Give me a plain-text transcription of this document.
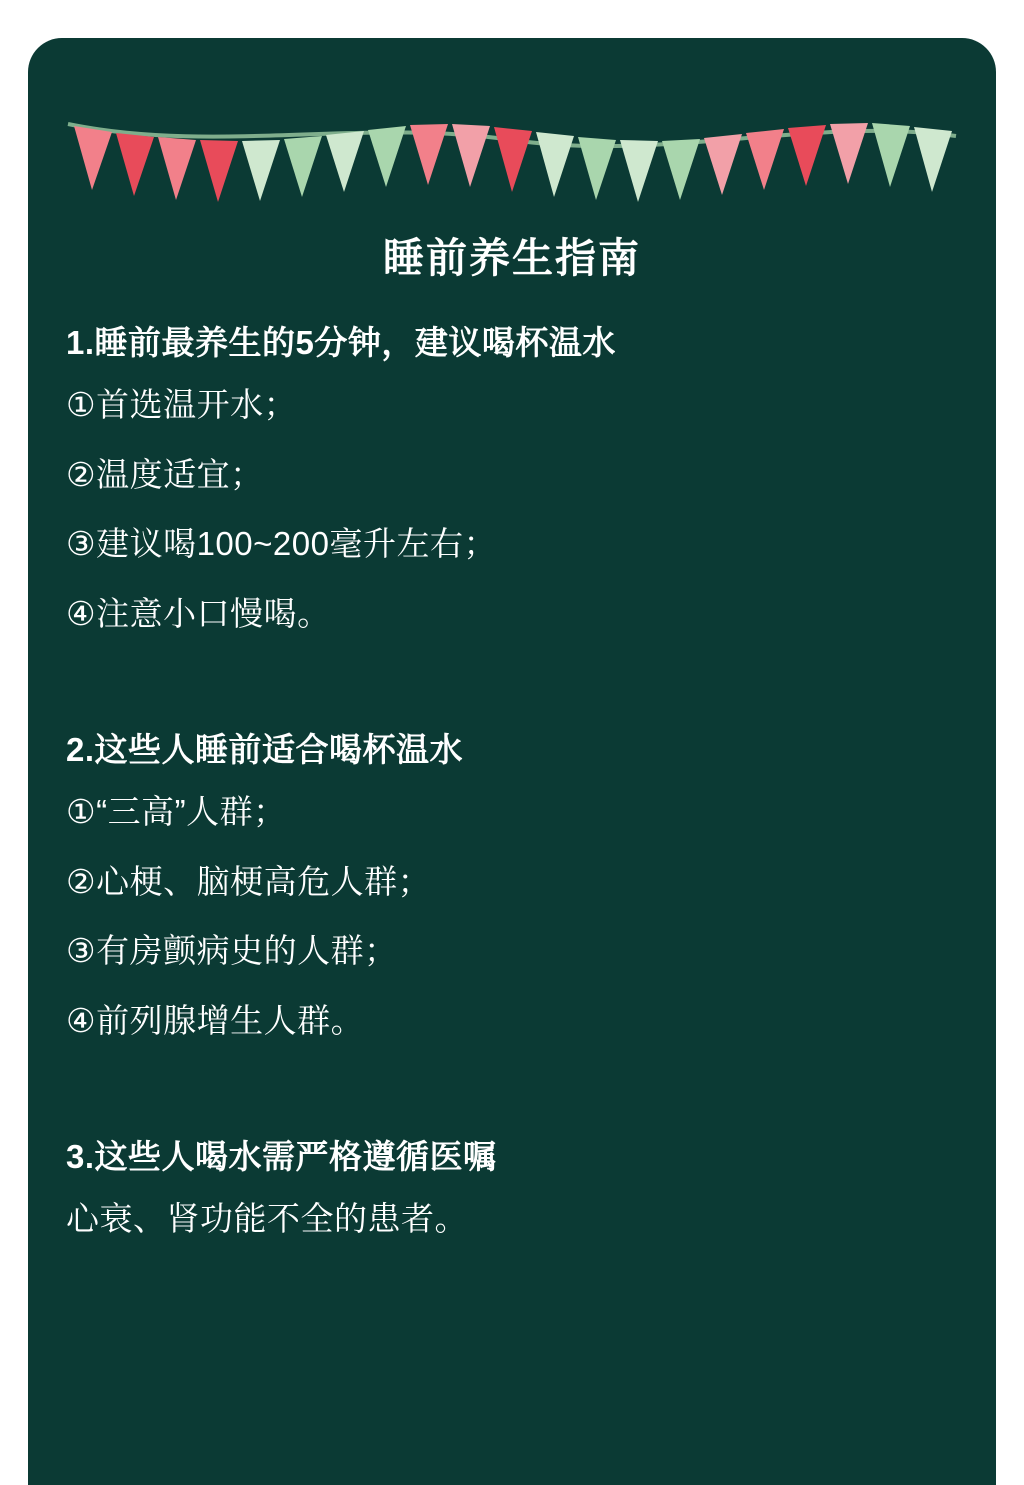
睡前养生指南
1.睡前最养生的5分钟，建议喝杯温水

①首选温开水；

②温度适宜；

③建议喝100~200毫升左右；

④注意小口慢喝。

2.这些人睡前适合喝杯温水

①“三高”人群；

②心梗、脑梗高危人群；

③有房颤病史的人群；

④前列腺增生人群。

3.这些人喝水需严格遵循医嘱

心衰、肾功能不全的患者。
